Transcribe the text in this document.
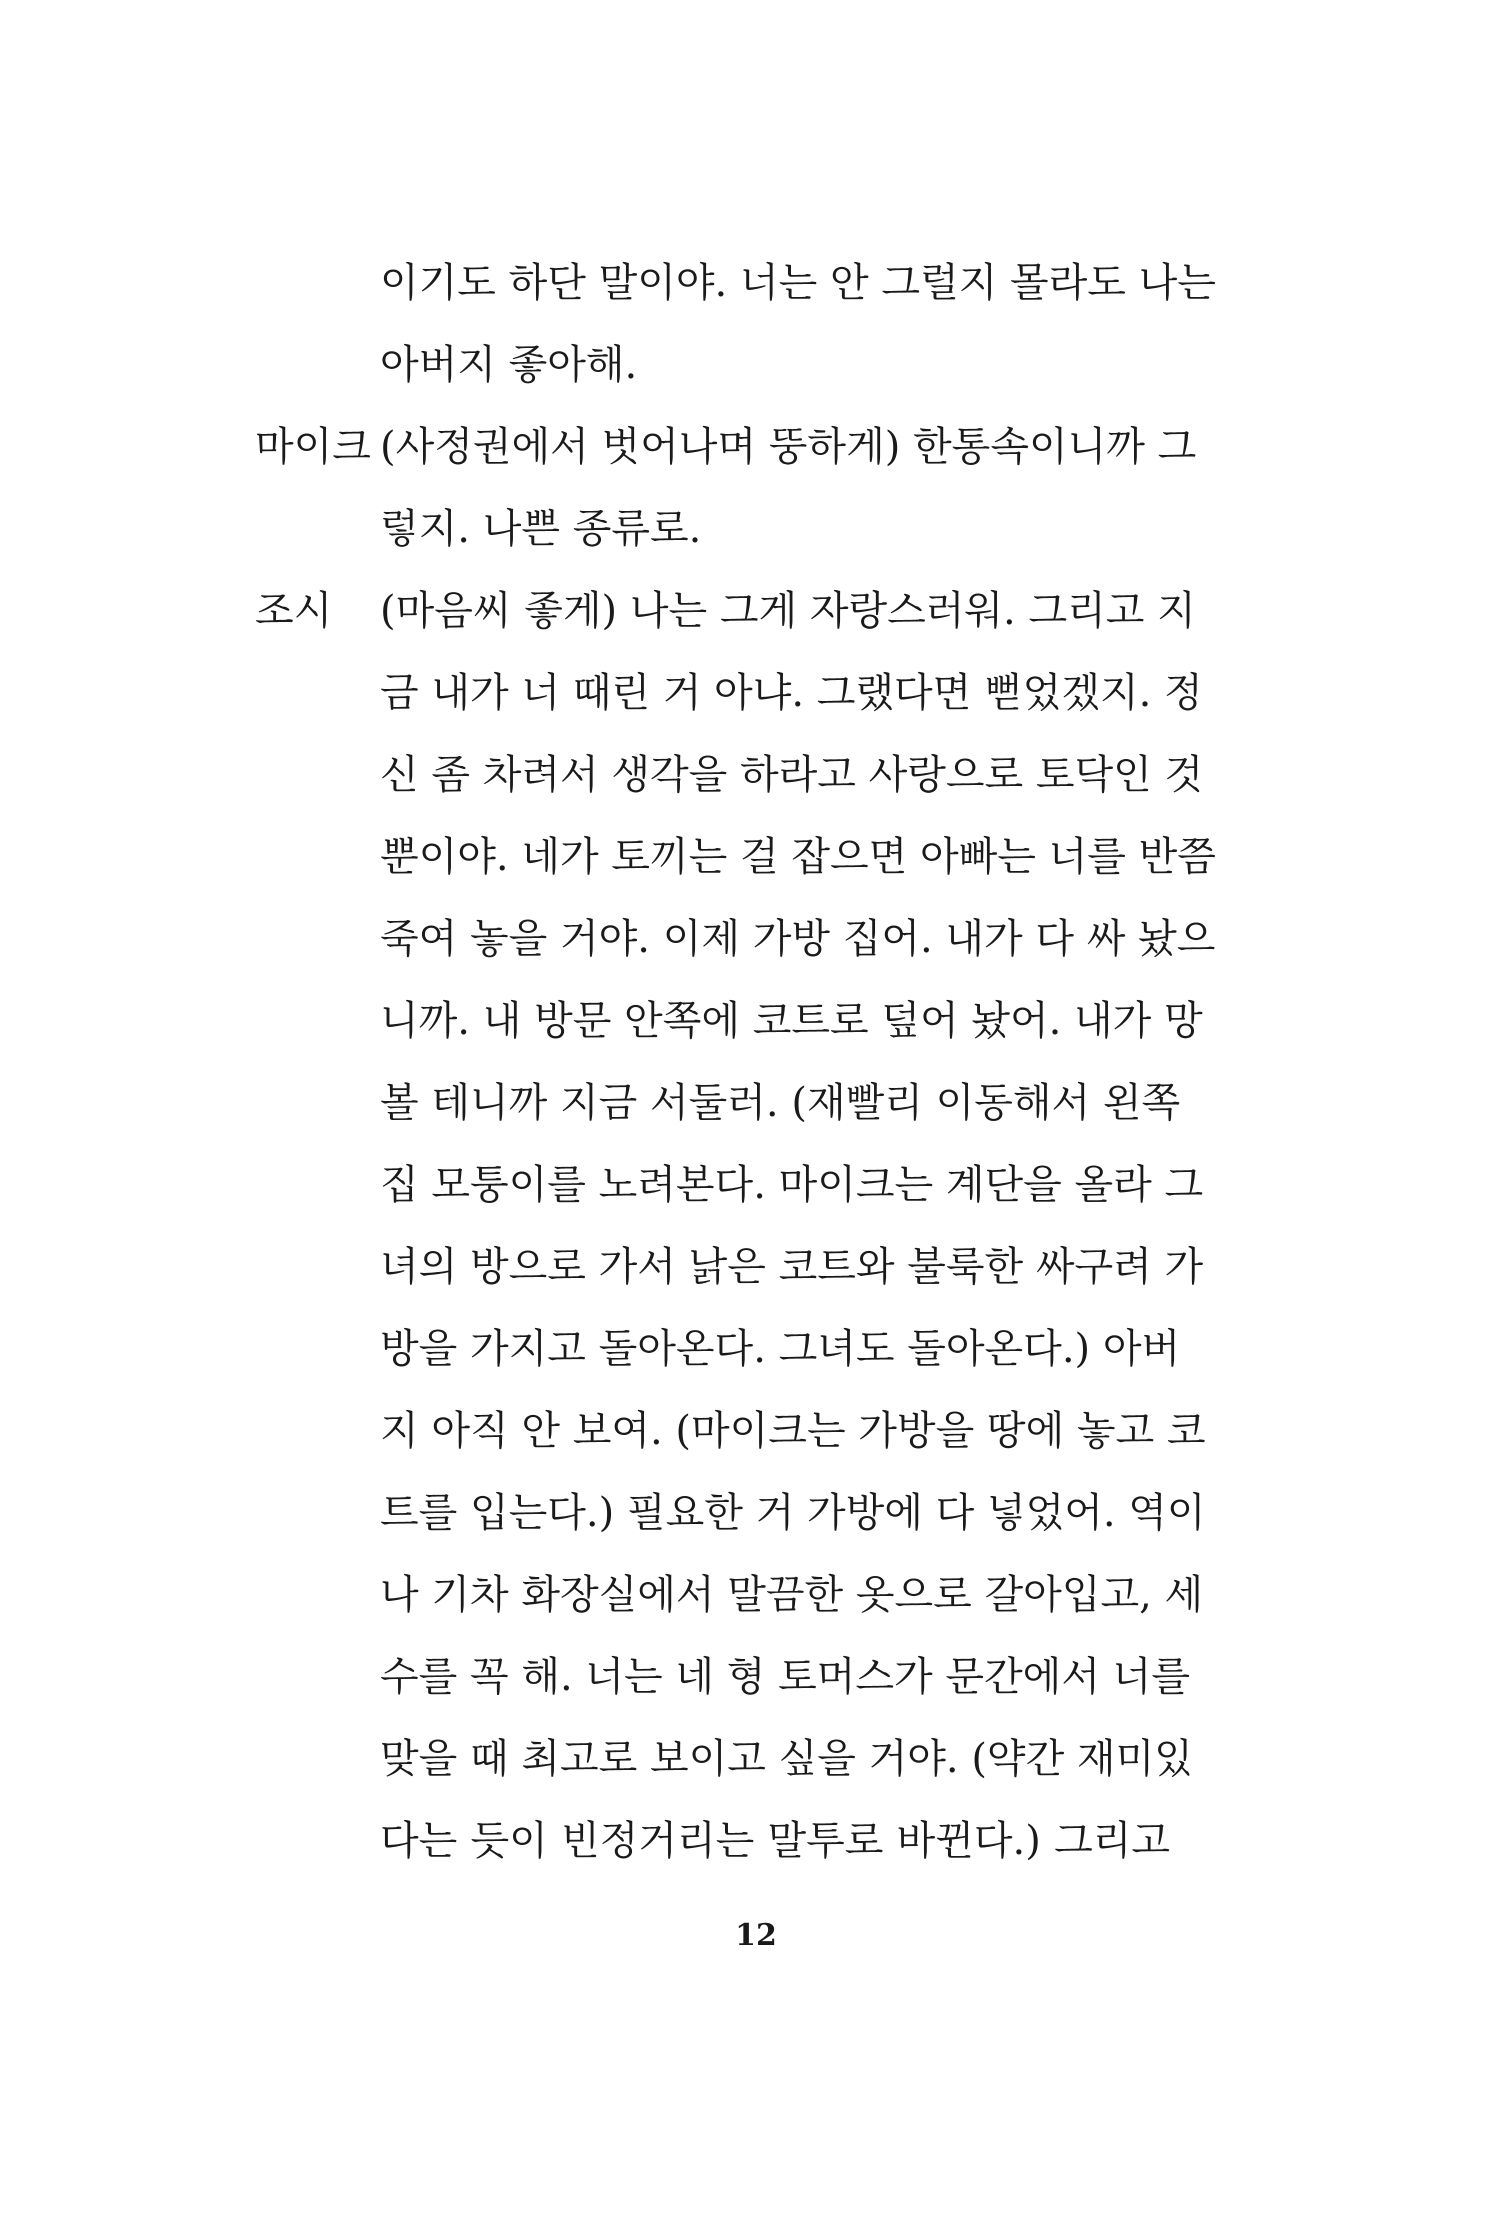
이기도 하단 말이야. 너는 안 그럴지 몰라도 나는
아버지 좋아해.
마이크 (사정권에서 벗어나며 뚱하게) 한통속이니까 그
렇지. 나쁜 종류로.
조시 (마음씨 좋게) 나는 그게 자랑스러워. 그리고 지
금 내가 너 때린 거 아냐. 그랬다면 뻗었겠지. 정
신 좀 차려서 생각을 하라고 사랑으로 토닥인 것
뿐이야. 네가 토끼는 걸 잡으면 아빠는 너를 반쯤
죽여 놓을 거야. 이제 가방 집어. 내가 다 싸 놨으
니까. 내 방문 안쪽에 코트로 덮어 놨어. 내가 망
볼 테니까 지금 서둘러. (재빨리 이동해서 왼쪽
집 모퉁이를 노려본다. 마이크는 계단을 올라 그
녀의 방으로 가서 낡은 코트와 불룩한 싸구려 가
방을 가지고 돌아온다. 그녀도 돌아온다.) 아버
지 아직 안 보여. (마이크는 가방을 땅에 놓고 코
트를 입는다.) 필요한 거 가방에 다 넣었어. 역이
나 기차 화장실에서 말끔한 옷으로 갈아입고, 세
수를 꼭 해. 너는 네 형 토머스가 문간에서 너를
맞을 때 최고로 보이고 싶을 거야. (약간 재미있
다는 듯이 빈정거리는 말투로 바뀐다.) 그리고
12
